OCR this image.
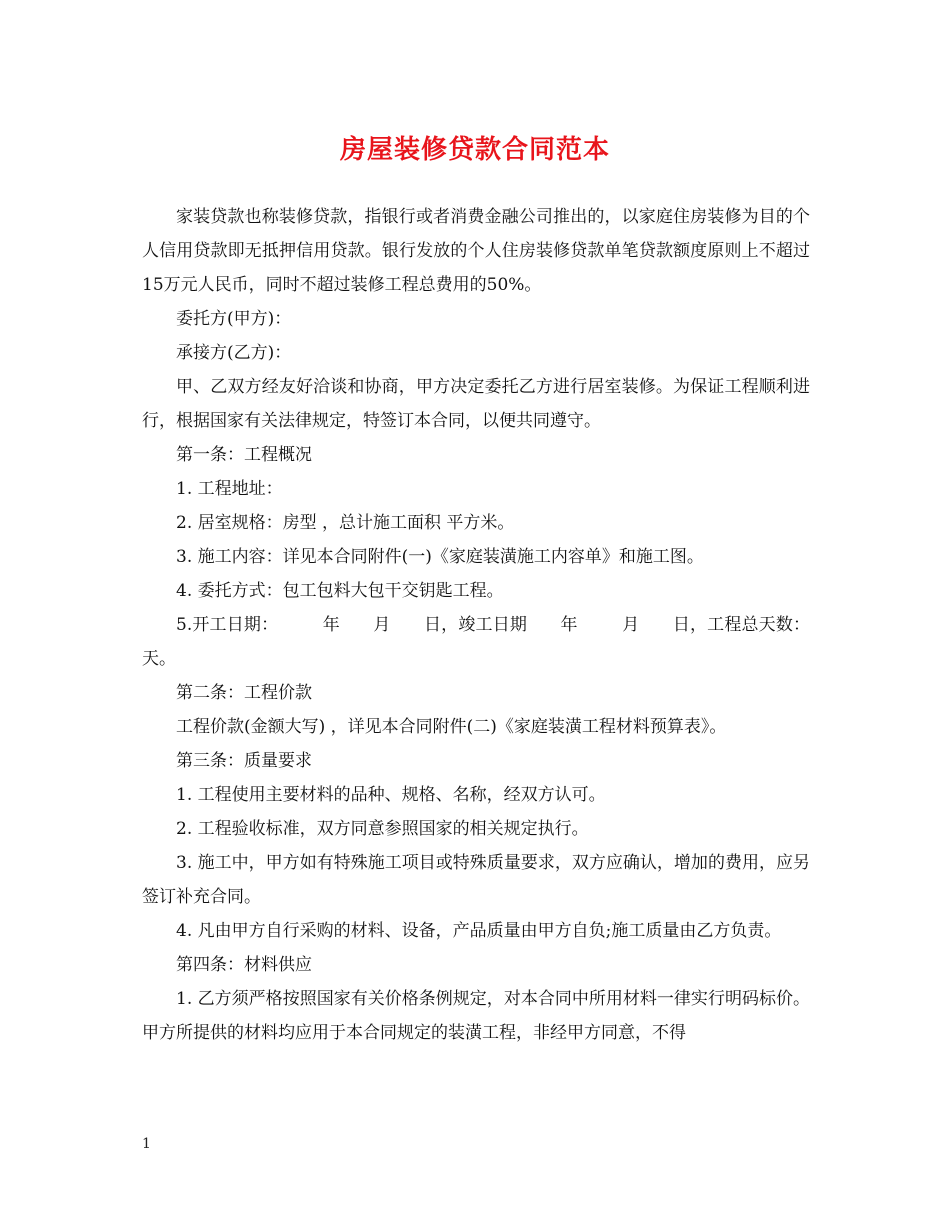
房屋装修贷款合同范本

家装贷款也称装修贷款，指银行或者消费金融公司推出的，以家庭住房装修为目的个人信用贷款即无抵押信用贷款。银行发放的个人住房装修贷款单笔贷款额度原则上不超过15万元人民币，同时不超过装修工程总费用的50%。

委托方(甲方)：

承接方(乙方)：

甲、乙双方经友好洽谈和协商，甲方决定委托乙方进行居室装修。为保证工程顺利进行，根据国家有关法律规定，特签订本合同，以便共同遵守。

第一条：工程概况

1. 工程地址：

2. 居室规格：房型 ，总计施工面积 平方米。

3. 施工内容：详见本合同附件(一)《家庭装潢施工内容单》和施工图。

4. 委托方式：包工包料大包干交钥匙工程。

5.开工日期：        年      月      日，竣工日期      年        月      日，工程总天数：      天。

第二条：工程价款

工程价款(金额大写) ，详见本合同附件(二)《家庭装潢工程材料预算表》。

第三条：质量要求

1. 工程使用主要材料的品种、规格、名称，经双方认可。

2. 工程验收标准，双方同意参照国家的相关规定执行。

3. 施工中，甲方如有特殊施工项目或特殊质量要求，双方应确认，增加的费用，应另签订补充合同。

4. 凡由甲方自行采购的材料、设备，产品质量由甲方自负;施工质量由乙方负责。

第四条：材料供应

1. 乙方须严格按照国家有关价格条例规定，对本合同中所用材料一律实行明码标价。甲方所提供的材料均应用于本合同规定的装潢工程，非经甲方同意，不得

1
